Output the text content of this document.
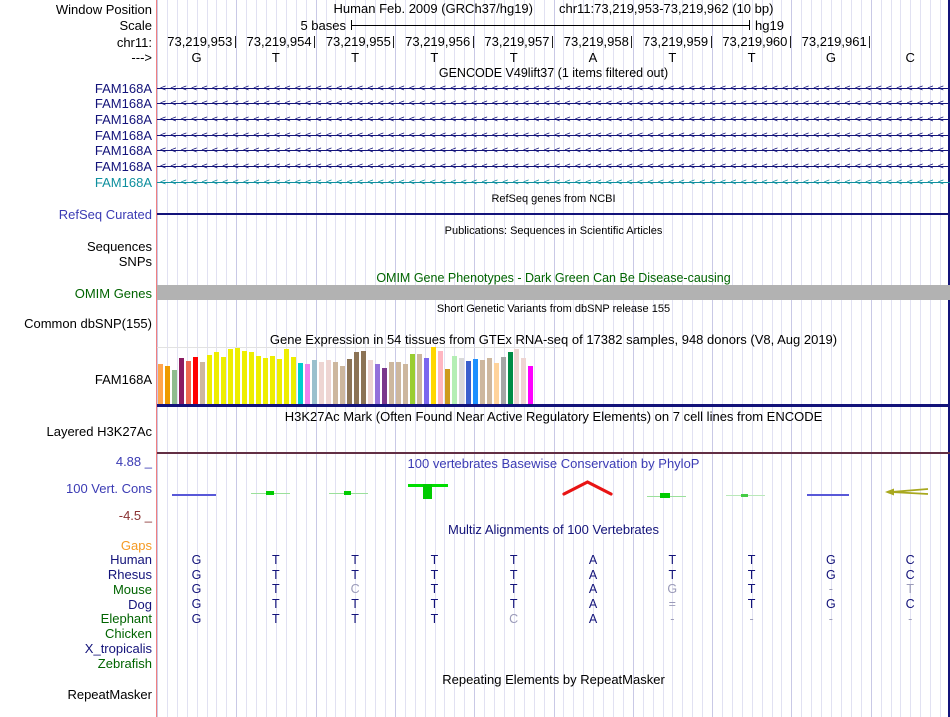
Window Position	Human Feb. 2009 (GRCh37/hg19) chr11:73,219,953-73,219,962 (10 bp)
Scale	5 bases	hg19
chr11:
--->
GENCODE V49lift37 (1 items filtered out)
RefSeq genes from NCBI
RefSeq Curated
Publications: Sequences in Scientific Articles
Sequences
SNPs
OMIM Gene Phenotypes - Dark Green Can Be Disease-causing
OMIM Genes
Short Genetic Variants from dbSNP release 155
Common dbSNP(155)
Gene Expression in 54 tissues from GTEx RNA-seq of 17382 samples, 948 donors (V8, Aug 2019)
FAM168A
H3K27Ac Mark (Often Found Near Active Regulatory Elements) on 7 cell lines from ENCODE
Layered H3K27Ac
4.88 _	100 vertebrates Basewise Conservation by PhyloP
100 Vert. Cons
-4.5 _
Multiz Alignments of 100 Vertebrates
Repeating Elements by RepeatMasker
RepeatMasker
73,219,953 73,219,954 73,219,955 73,219,956 73,219,957 73,219,958 73,219,959 73,219,960 73,219,961
G	T	T	T	T	A	T	T	G	C
FAM168A <<<<<<<<<<<<<<<<<<<<<<<<<<<<<<<<<<<<<<<<<<<<<<<<<<<<<<<<<<<<<<<<<<<<<<<<<<<<
FAM168A <<<<<<<<<<<<<<<<<<<<<<<<<<<<<<<<<<<<<<<<<<<<<<<<<<<<<<<<<<<<<<<<<<<<<<<<<<<<
FAM168A <<<<<<<<<<<<<<<<<<<<<<<<<<<<<<<<<<<<<<<<<<<<<<<<<<<<<<<<<<<<<<<<<<<<<<<<<<<<
FAM168A <<<<<<<<<<<<<<<<<<<<<<<<<<<<<<<<<<<<<<<<<<<<<<<<<<<<<<<<<<<<<<<<<<<<<<<<<<<<
FAM168A <<<<<<<<<<<<<<<<<<<<<<<<<<<<<<<<<<<<<<<<<<<<<<<<<<<<<<<<<<<<<<<<<<<<<<<<<<<<
FAM168A <<<<<<<<<<<<<<<<<<<<<<<<<<<<<<<<<<<<<<<<<<<<<<<<<<<<<<<<<<<<<<<<<<<<<<<<<<<<
FAM168A <<<<<<<<<<<<<<<<<<<<<<<<<<<<<<<<<<<<<<<<<<<<<<<<<<<<<<<<<<<<<<<<<<<<<<<<<<<<
Gaps
Human	G	T	T	T	T	A	T	T	G	C
Rhesus	G	T	T	T	T	A	T	T	G	C
Mouse	G	T	C	T	T	A	G	T	-	T
Dog	G	T	T	T	T	A	=	T	G	C
Elephant	G	T	T	T	C	A	-	-	-	-
Chicken
X_tropicalis
Zebrafish
